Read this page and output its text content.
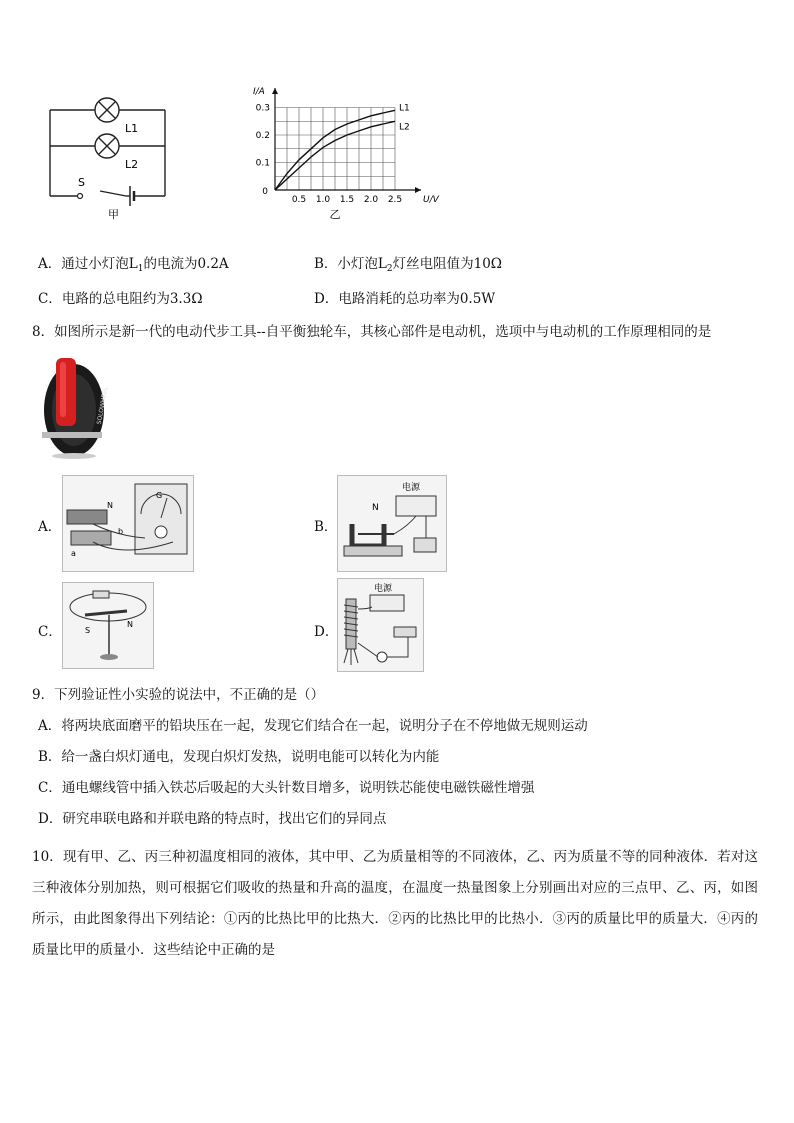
L1
L2
S
甲
0.5 1.0 1.5 2.0 2.5
0.1
0.2
0.3
0
U/V
I/A
乙
L1
L2
A．通过小灯泡$L_1$的电流为0.2A	B．小灯泡$L_2$灯丝电阻值为10Ω
C．电路的总电阻约为3.3Ω	D．电路消耗的总功率为0.5W
8．如图所示是新一代的电动代步工具--自平衡独轮车，其核心部件是电动机，选项中与电动机的工作原理相同的是
SOLOWHEEL
A．
N
a
b
G
B．
电源
N
C．	S
N	D．
电源
9．下列验证性小实验的说法中，不正确的是（）
A．将两块底面磨平的铅块压在一起，发现它们结合在一起，说明分子在不停地做无规则运动
B．给一盏白炽灯通电，发现白炽灯发热，说明电能可以转化为内能
C．通电螺线管中插入铁芯后吸起的大头针数目增多，说明铁芯能使电磁铁磁性增强
D．研究串联电路和并联电路的特点时，找出它们的异同点
10．现有甲、乙、丙三种初温度相同的液体，其中甲、乙为质量相等的不同液体，乙、丙为质量不等的同种液体．若对这三种液体分别加热，则可根据它们吸收的热量和升高的温度，在温度一热量图象上分别画出对应的三点甲、乙、丙，如图所示，由此图象得出下列结论：①丙的比热比甲的比热大．②丙的比热比甲的比热小．③丙的质量比甲的质量大．④丙的质量比甲的质量小．这些结论中正确的是
